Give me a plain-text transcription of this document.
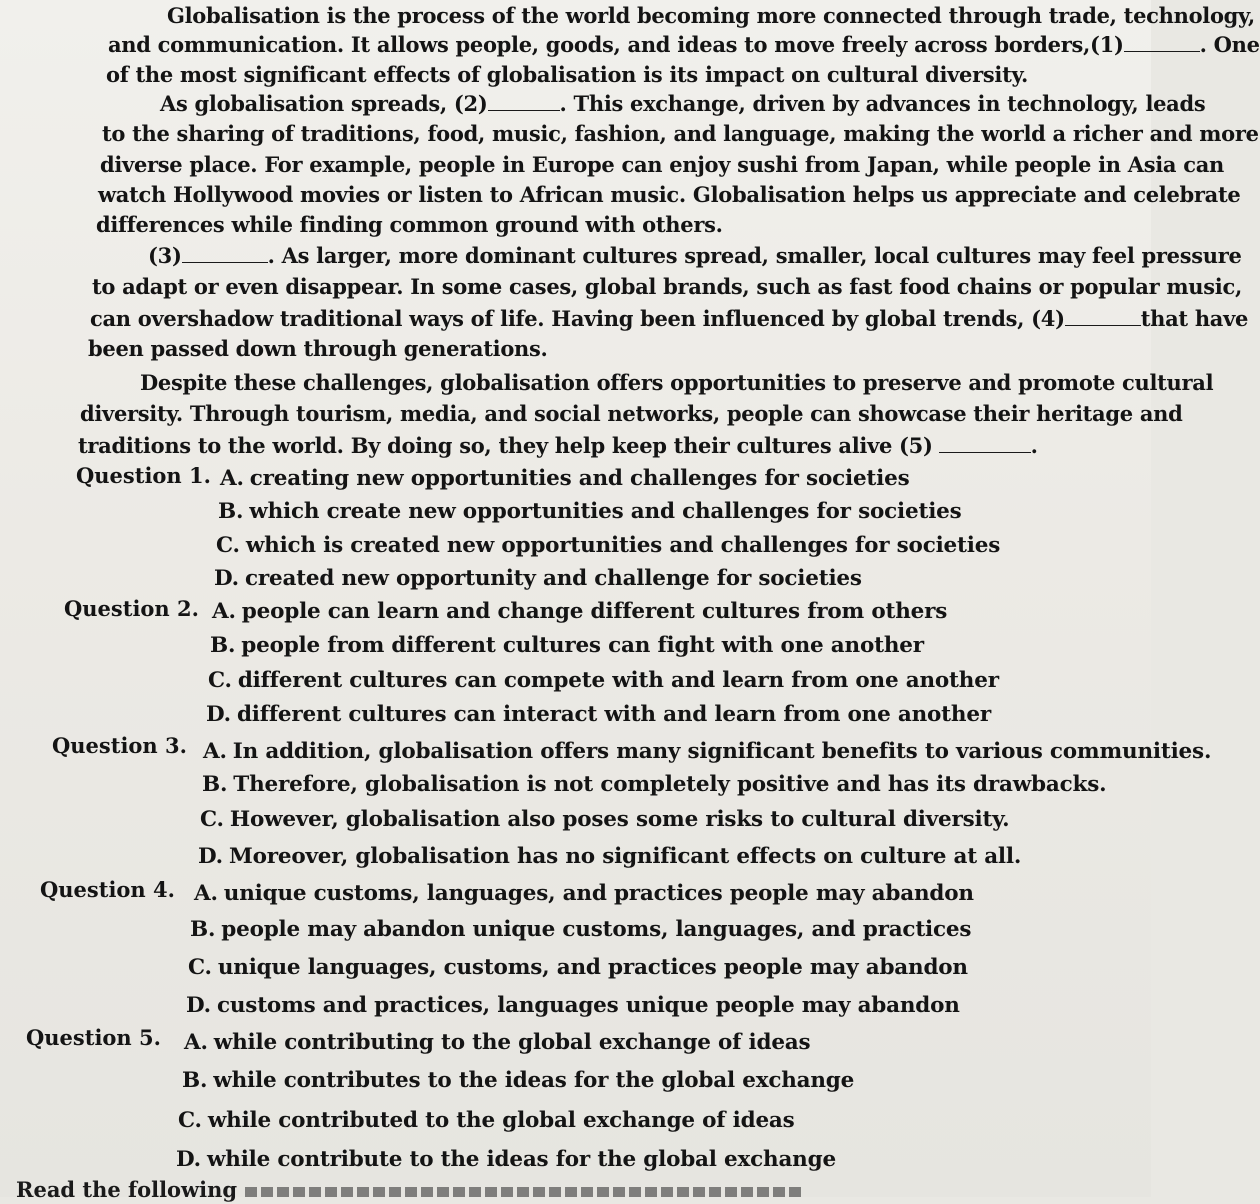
Globalisation is the process of the world becoming more connected through trade, technology,
and communication. It allows people, goods, and ideas to move freely across borders,(1)	. One
of the most significant effects of globalisation is its impact on cultural diversity.
As globalisation spreads, (2)	. This exchange, driven by advances in technology, leads
to the sharing of traditions, food, music, fashion, and language, making the world a richer and more
diverse place. For example, people in Europe can enjoy sushi from Japan, while people in Asia can
watch Hollywood movies or listen to African music. Globalisation helps us appreciate and celebrate
differences while finding common ground with others.
(3)	. As larger, more dominant cultures spread, smaller, local cultures may feel pressure
to adapt or even disappear. In some cases, global brands, such as fast food chains or popular music,
can overshadow traditional ways of life. Having been influenced by global trends, (4)	that have
been passed down through generations.
Despite these challenges, globalisation offers opportunities to preserve and promote cultural
diversity. Through tourism, media, and social networks, people can showcase their heritage and
traditions to the world. By doing so, they help keep their cultures alive (5)	.
Question 1. A. creating new opportunities and challenges for societies
B. which create new opportunities and challenges for societies
C. which is created new opportunities and challenges for societies
D. created new opportunity and challenge for societies
Question 2. A. people can learn and change different cultures from others
B. people from different cultures can fight with one another
C. different cultures can compete with and learn from one another
D. different cultures can interact with and learn from one another
Question 3. A. In addition, globalisation offers many significant benefits to various communities.
B. Therefore, globalisation is not completely positive and has its drawbacks.
C. However, globalisation also poses some risks to cultural diversity.
D. Moreover, globalisation has no significant effects on culture at all.
Question 4. A. unique customs, languages, and practices people may abandon
B. people may abandon unique customs, languages, and practices
C. unique languages, customs, and practices people may abandon
D. customs and practices, languages unique people may abandon
Question 5. A. while contributing to the global exchange of ideas
B. while contributes to the ideas for the global exchange
C. while contributed to the global exchange of ideas
D. while contribute to the ideas for the global exchange
Read the following
